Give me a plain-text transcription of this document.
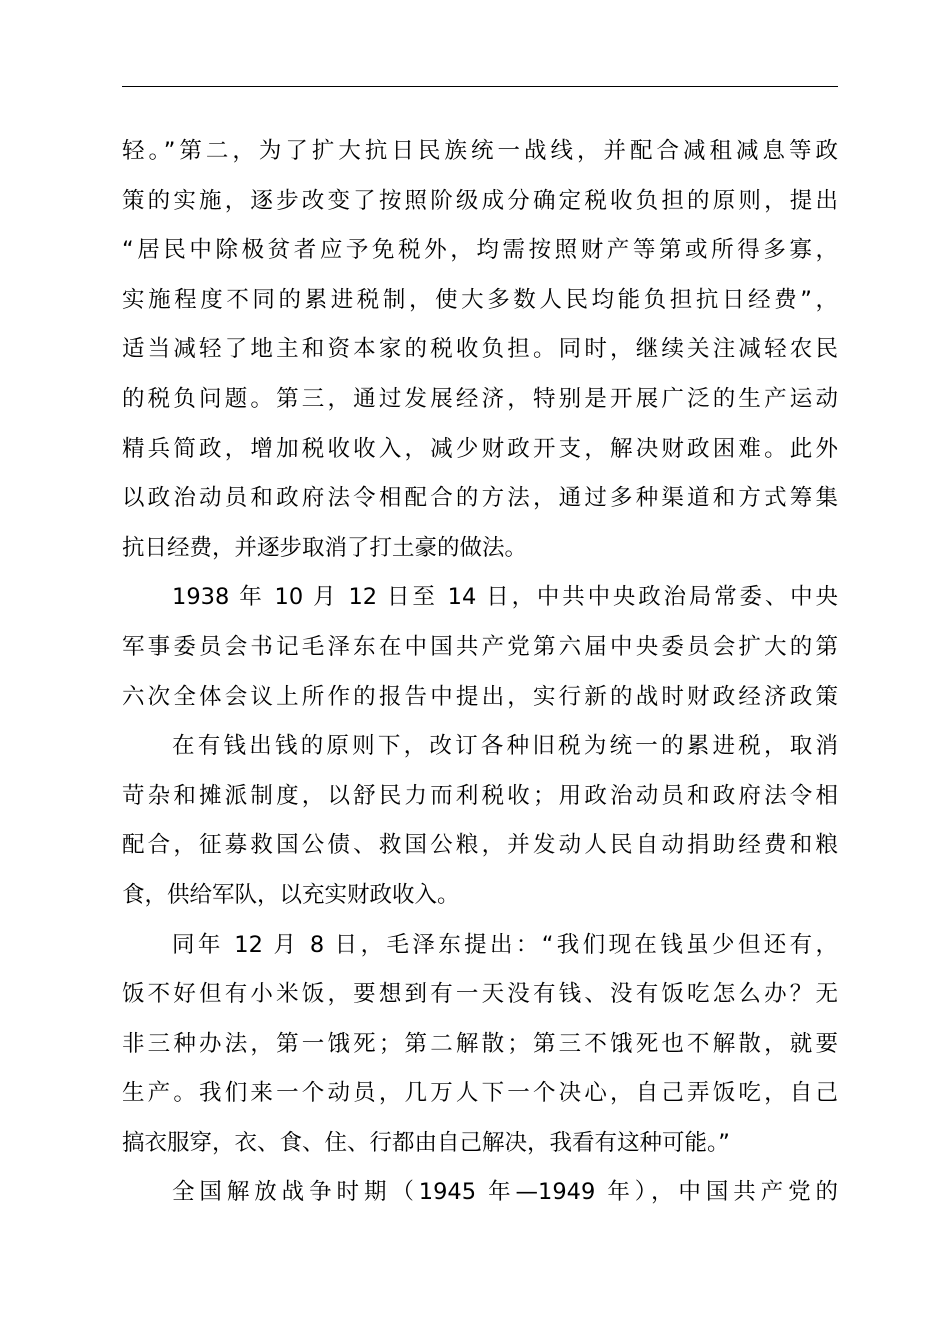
轻。”第二，为了扩大抗日民族统一战线，并配合减租减息等政
策的实施，逐步改变了按照阶级成分确定税收负担的原则，提出
“居民中除极贫者应予免税外，均需按照财产等第或所得多寡，
实施程度不同的累进税制，使大多数人民均能负担抗日经费”，
适当减轻了地主和资本家的税收负担。同时，继续关注减轻农民
的税负问题。第三，通过发展经济，特别是开展广泛的生产运动
精兵简政，增加税收收入，减少财政开支，解决财政困难。此外
以政治动员和政府法令相配合的方法，通过多种渠道和方式筹集
抗日经费，并逐步取消了打土豪的做法。
1938 年 10 月 12 日至 14 日，中共中央政治局常委、中央
军事委员会书记毛泽东在中国共产党第六届中央委员会扩大的第
六次全体会议上所作的报告中提出，实行新的战时财政经济政策
在有钱出钱的原则下，改订各种旧税为统一的累进税，取消
苛杂和摊派制度，以舒民力而利税收；用政治动员和政府法令相
配合，征募救国公债、救国公粮，并发动人民自动捐助经费和粮
食，供给军队，以充实财政收入。
同年 12 月 8 日，毛泽东提出：“我们现在钱虽少但还有，
饭不好但有小米饭，要想到有一天没有钱、没有饭吃怎么办？无
非三种办法，第一饿死；第二解散；第三不饿死也不解散，就要
生产。我们来一个动员，几万人下一个决心，自己弄饭吃，自己
搞衣服穿，衣、食、住、行都由自己解决，我看有这种可能。”
全国解放战争时期（1945 年—1949 年），中国共产党的
